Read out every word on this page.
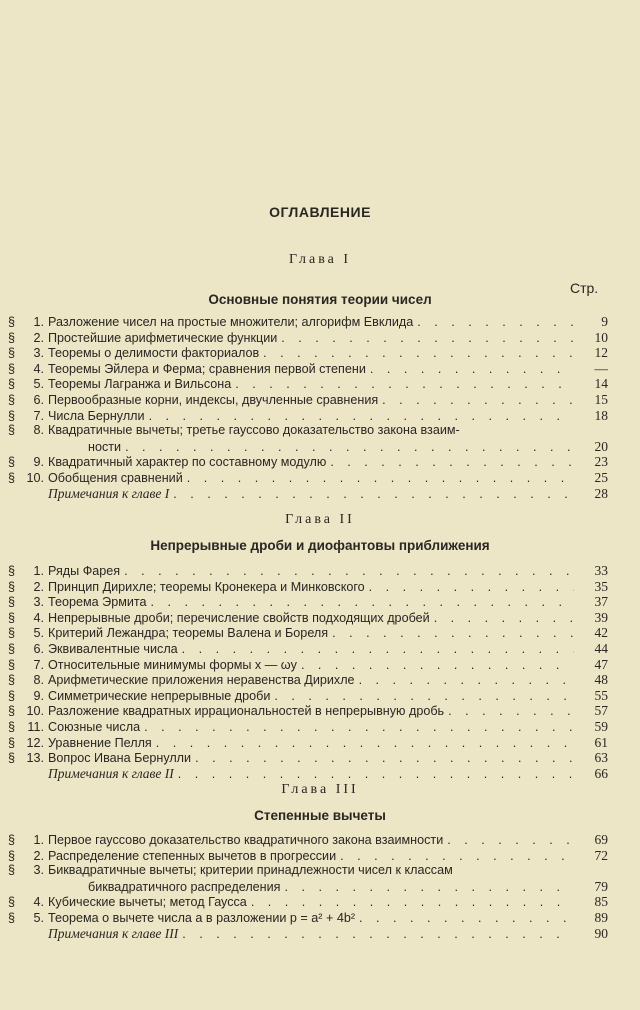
ОГЛАВЛЕНИЕ
Стр.
Глава I
Основные понятия теории чисел
§	1. Разложение чисел на простые множители; алгорифм Евклида . . .	9
§	2. Простейшие арифметические функции . . .	10
§	3. Теоремы о делимости факториалов . . .	12
§	4. Теоремы Эйлера и Ферма; сравнения первой степени . . .	—
§	5. Теоремы Лагранжа и Вильсона . . .	14
§	6. Первообразные корни, индексы, двучленные сравнения . . .	15
§	7. Числа Бернулли . . .	18
§	8. Квадратичные вычеты; третье гауссово доказательство закона взаим-
ности . . .	20
§	9. Квадратичный характер по составному модулю . . .	23
§ 10. Обобщения сравнений . . .	25
Примечания к главе I . . .	28
Глава II
Непрерывные дроби и диофантовы приближения
§	1. Ряды Фарея . . .	33
§	2. Принцип Дирихле; теоремы Кронекера и Минковского . . .	35
§	3. Теорема Эрмита . . .	37
§	4. Непрерывные дроби; перечисление свойств подходящих дробей . . .	39
§	5. Критерий Лежандра; теоремы Валена и Бореля . . .	42
§	6. Эквивалентные числа . . .	44
§	7. Относительные минимумы формы x — ωy . . .	47
§	8. Арифметические приложения неравенства Дирихле . . .	48
§	9. Симметрические непрерывные дроби . . .	55
§ 10. Разложение квадратных иррациональностей в непрерывную дробь . . .	57
§ 11. Союзные числа . . .	59
§ 12. Уравнение Пелля . . .	61
§ 13. Вопрос Ивана Бернулли . . .	63
Примечания к главе II . . .	66
Глава III
Степенные вычеты
§	1. Первое гауссово доказательство квадратичного закона взаимности . . .	69
§	2. Распределение степенных вычетов в прогрессии . . .	72
§	3. Биквадратичные вычеты; критерии принадлежности чисел к классам
биквадратичного распределения . . .	79
§	4. Кубические вычеты; метод Гаусса . . .	85
§	5. Теорема о вычете числа a в разложении p = a² + 4b² . . .	89
Примечания к главе III . . .	90
